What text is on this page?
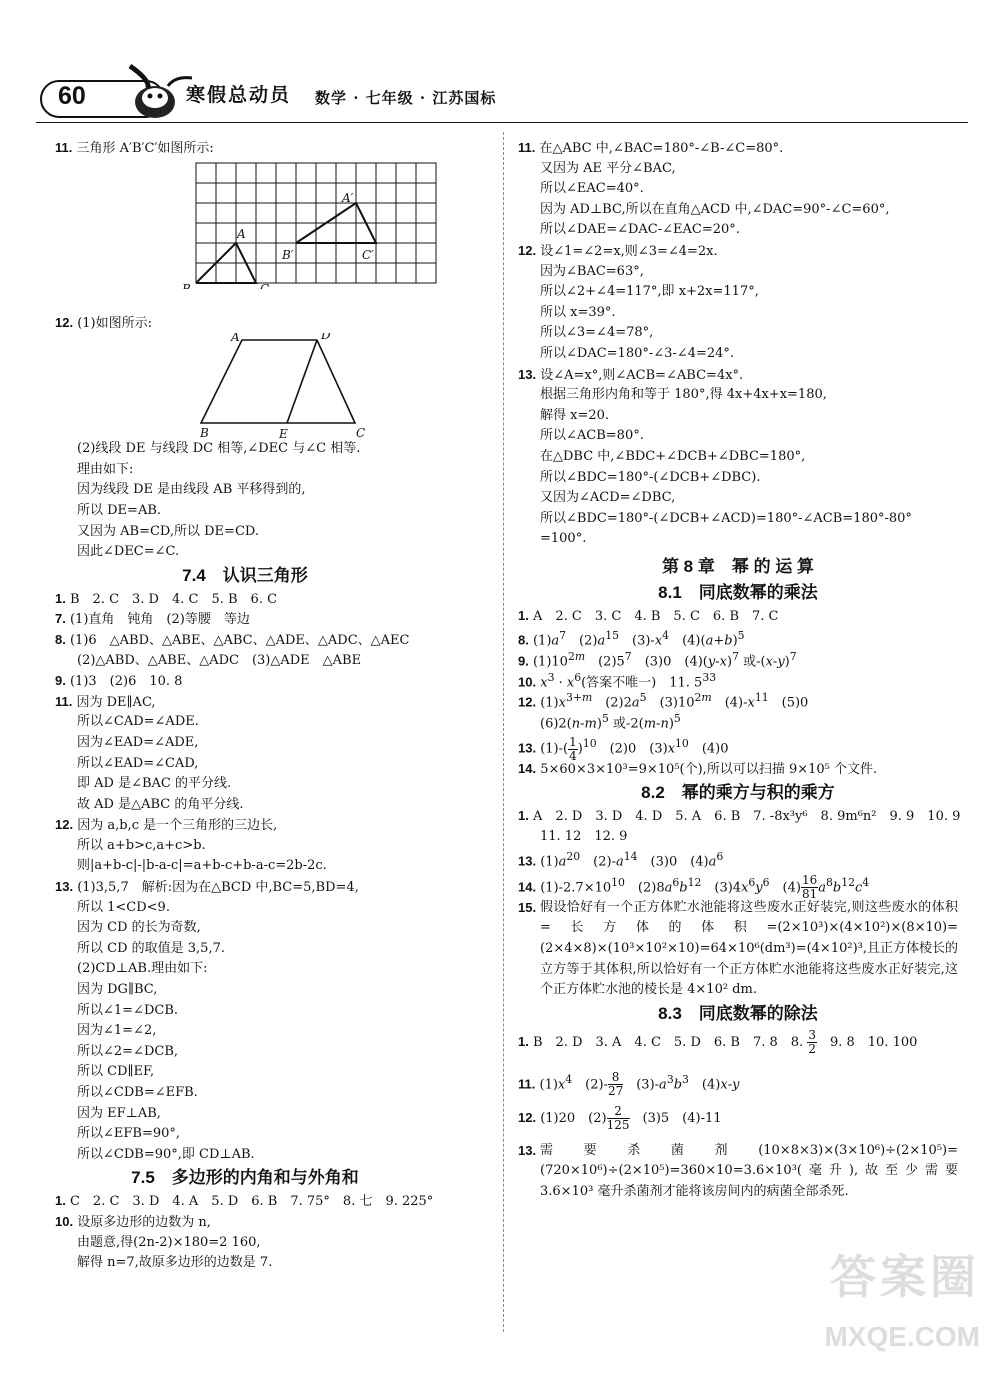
60	寒假总动员 数学 · 七年级 · 江苏国标
11. 三角形 A′B′C′如图所示:
A
B	C
A′
B′	C′
12. (1)如图所示:
A
B	C
D
E
(2)线段 DE 与线段 DC 相等,∠DEC 与∠C 相等.
理由如下:
因为线段 DE 是由线段 AB 平移得到的,
所以 DE=AB.
又因为 AB=CD,所以 DE=CD.
因此∠DEC=∠C.
7.4　认识三角形
1. B　2. C　3. D　4. C　5. B　6. C
7. (1)直角　钝角　(2)等腰　等边
8. (1)6　△ABD、△ABE、△ABC、△ADE、△ADC、△AEC
(2)△ABD、△ABE、△ADC　(3)△ADE　△ABE
9. (1)3　(2)6　10. 8
11. 因为 DE∥AC,
所以∠CAD=∠ADE.
因为∠EAD=∠ADE,
所以∠EAD=∠CAD,
即 AD 是∠BAC 的平分线.
故 AD 是△ABC 的角平分线.
12. 因为 a,b,c 是一个三角形的三边长,
所以 a+b>c,a+c>b.
则|a+b-c|-|b-a-c|=a+b-c+b-a-c=2b-2c.
13. (1)3,5,7　解析:因为在△BCD 中,BC=5,BD=4,
所以 1<CD<9.
因为 CD 的长为奇数,
所以 CD 的取值是 3,5,7.
(2)CD⊥AB.理由如下:
因为 DG∥BC,
所以∠1=∠DCB.
因为∠1=∠2,
所以∠2=∠DCB,
所以 CD∥EF,
所以∠CDB=∠EFB.
因为 EF⊥AB,
所以∠EFB=90°,
所以∠CDB=90°,即 CD⊥AB.
7.5　多边形的内角和与外角和
1. C　2. C　3. D　4. A　5. D　6. B　7. 75°　8. 七　9. 225°
10. 设原多边形的边数为 n,
由题意,得(2n-2)×180=2 160,
解得 n=7,故原多边形的边数是 7.
11. 在△ABC 中,∠BAC=180°-∠B-∠C=80°.
又因为 AE 平分∠BAC,
所以∠EAC=40°.
因为 AD⊥BC,所以在直角△ACD 中,∠DAC=90°-∠C=60°,
所以∠DAE=∠DAC-∠EAC=20°.
12. 设∠1=∠2=x,则∠3=∠4=2x.
因为∠BAC=63°,
所以∠2+∠4=117°,即 x+2x=117°,
所以 x=39°.
所以∠3=∠4=78°,
所以∠DAC=180°-∠3-∠4=24°.
13. 设∠A=x°,则∠ACB=∠ABC=4x°.
根据三角形内角和等于 180°,得 4x+4x+x=180,
解得 x=20.
所以∠ACB=80°.
在△DBC 中,∠BDC+∠DCB+∠DBC=180°,
所以∠BDC=180°-(∠DCB+∠DBC).
又因为∠ACD=∠DBC,
所以∠BDC=180°-(∠DCB+∠ACD)=180°-∠ACB=180°-80°
=100°.
第 8 章　幂 的 运 算
8.1　同底数幂的乘法
1. A　2. C　3. C　4. B　5. C　6. B　7. C
8. $(1)a^7$　$(2)a^{15}$　$(3)-x^4$　$(4)(a+b)^5$
9. $(1)10^{2m}$　$(2)5^7$　(3)0　$(4)(y-x)^7$ 或$-(x-y)^7$
10. $x^3 \cdot x^6$(答案不唯一)　11. $5^{33}$
12. $(1)x^{3+m}$　$(2)2a^5$　$(3)10^{2m}$　$(4)-x^{11}$　(5)0
$(6)2(n-m)^5$ 或$-2(m-n)^5$
13. $(1)-( \frac{1}{4} )^{10}$　(2)0　$(3)x^{10}$　(4)0
14. 5×60×3×10³=9×10⁵(个),所以可以扫描 9×10⁵ 个文件.
8.2　幂的乘方与积的乘方
1. A　2. D　3. D　4. D　5. A　6. B　7. -8x³y⁶　8. 9m⁶n²　9. 9　10. 9
11. 12　12. 9
13. $(1)a^{20}$　$(2)-a^{14}$　(3)0　$(4)a^6$
14. $(1)-2.7\times 10^{10}$　$(2)8a^6b^{12}$　$(3)4x^6y^6$　$(4) \frac{16}{81} a^8b^{12}c^4$
15. 假设恰好有一个正方体贮水池能将这些废水正好装完,则这些废水的体积=长方体的体积=(2×10³)×(4×10²)×(8×10)=(2×4×8)×(10³×10²×10)=64×10⁶(dm³)=(4×10²)³,且正方体棱长的立方等于其体积,所以恰好有一个正方体贮水池能将这些废水正好装完,这个正方体贮水池的棱长是 4×10² dm.
8.3　同底数幂的除法
1. B　2. D　3. A　4. C　5. D　6. B　7. 8　8. $\frac{3}{2}$ 　9. 8　10. 100
11. $(1)x^4$　$(2)- \frac{8}{27}$ 　$(3)-a^3b^3$　(4)x-y
12. (1)20　$(2) \frac{2}{125}$ 　(3)5　(4)-11
13. 需要杀菌剂(10×8×3)×(3×10⁶)÷(2×10⁵)=(720×10⁶)÷(2×10⁵)=360×10=3.6×10³(毫升),故至少需要 3.6×10³ 毫升杀菌剂才能将该房间内的病菌全部杀死.
答案圈
MXQE.COM
